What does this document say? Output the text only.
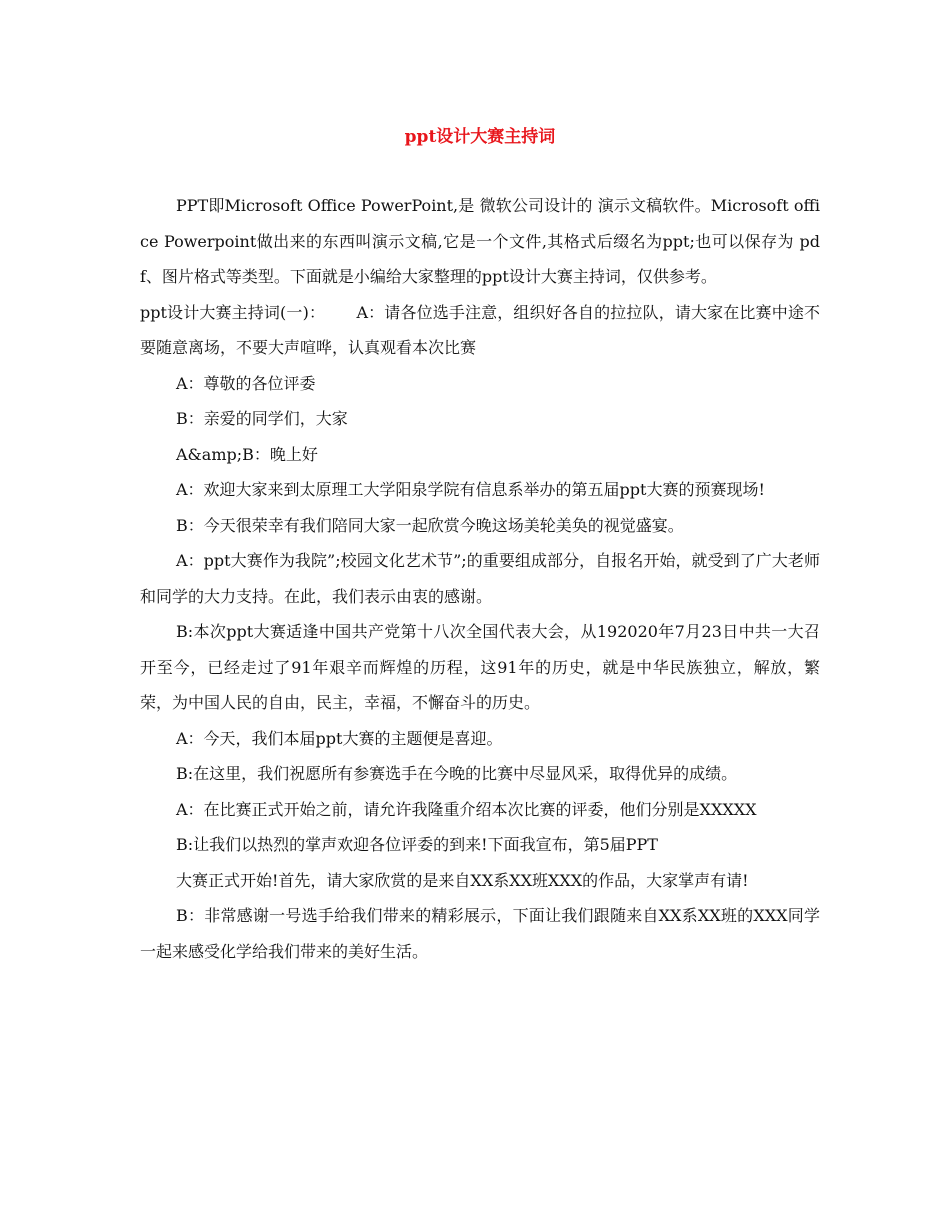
ppt设计大赛主持词

PPT即Microsoft Office PowerPoint,是 微软公司设计的 演示文稿软件。Microsoft office Powerpoint做出来的东西叫演示文稿,它是一个文件,其格式后缀名为ppt;也可以保存为 pdf、图片格式等类型。下面就是小编给大家整理的ppt设计大赛主持词，仅供参考。

ppt设计大赛主持词(一)：      A：请各位选手注意，组织好各自的拉拉队，请大家在比赛中途不要随意离场，不要大声喧哗，认真观看本次比赛

A：尊敬的各位评委

B：亲爱的同学们，大家

A&amp;B：晚上好

A：欢迎大家来到太原理工大学阳泉学院有信息系举办的第五届ppt大赛的预赛现场!

B：今天很荣幸有我们陪同大家一起欣赏今晚这场美轮美奂的视觉盛宴。

A：ppt大赛作为我院”;校园文化艺术节”;的重要组成部分，自报名开始，就受到了广大老师和同学的大力支持。在此，我们表示由衷的感谢。

B:本次ppt大赛适逢中国共产党第十八次全国代表大会，从192020年7月23日中共一大召开至今，已经走过了91年艰辛而辉煌的历程，这91年的历史，就是中华民族独立，解放，繁荣，为中国人民的自由，民主，幸福，不懈奋斗的历史。

A：今天，我们本届ppt大赛的主题便是喜迎。

B:在这里，我们祝愿所有参赛选手在今晚的比赛中尽显风采，取得优异的成绩。

A：在比赛正式开始之前，请允许我隆重介绍本次比赛的评委，他们分别是XXXXX

B:让我们以热烈的掌声欢迎各位评委的到来!下面我宣布，第5届PPT

大赛正式开始!首先，请大家欣赏的是来自XX系XX班XXX的作品，大家掌声有请!

B：非常感谢一号选手给我们带来的精彩展示，下面让我们跟随来自XX系XX班的XXX同学一起来感受化学给我们带来的美好生活。
